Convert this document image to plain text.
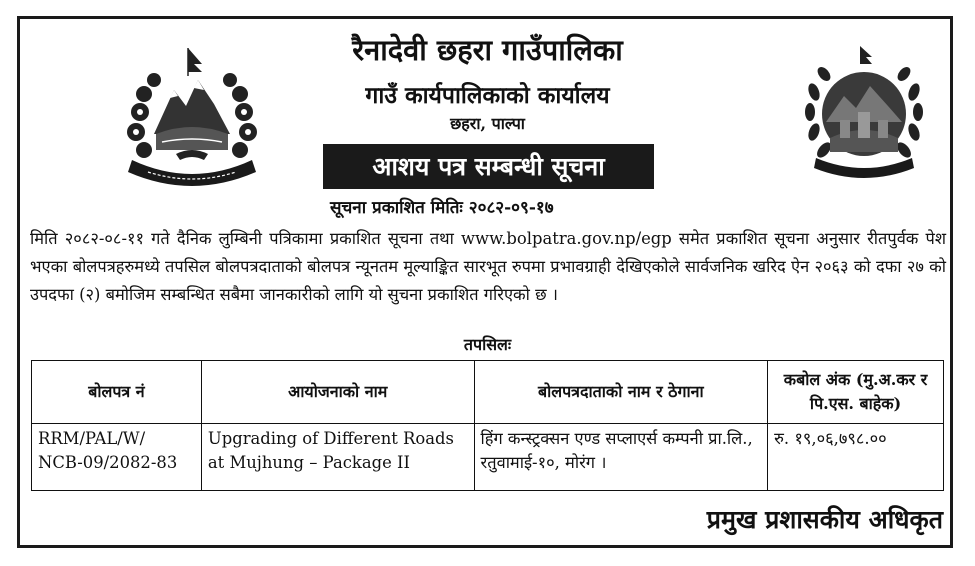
रैनादेवी छहरा गाउँपालिका
गाउँ कार्यपालिकाको कार्यालय
छहरा, पाल्पा
आशय पत्र सम्बन्धी सूचना
सूचना प्रकाशित मितिः २०८२-०९-१७
मिति २०८२-०८-११ गते दैनिक लुम्बिनी पत्रिकामा प्रकाशित सूचना तथा www.bolpatra.gov.np/egp समेत प्रकाशित सूचना अनुसार रीतपुर्वक पेश भएका बोलपत्रहरुमध्ये तपसिल बोलपत्रदाताको बोलपत्र न्यूनतम मूल्याङ्कित सारभूत रुपमा प्रभावग्राही देखिएकोले सार्वजनिक खरिद ऐन २०६३ को दफा २७ को उपदफा (२) बमोजिम सम्बन्धित सबैमा जानकारीको लागि यो सुचना प्रकाशित गरिएको छ ।
तपसिलः
बोलपत्र नं	आयोजनाको नाम	बोलपत्रदाताको नाम र ठेगाना	कबोल अंक (मु.अ.कर र पि.एस. बाहेक)
RRM/PAL/W/ NCB-09/2082-83	Upgrading of Different Roads at Mujhung – Package II	हिंग कन्स्ट्रक्सन एण्ड सप्लाएर्स कम्पनी प्रा.लि., रतुवामाई-१०, मोरंग ।	रु. १९,०६,७९८.००
प्रमुख प्रशासकीय अधिकृत
